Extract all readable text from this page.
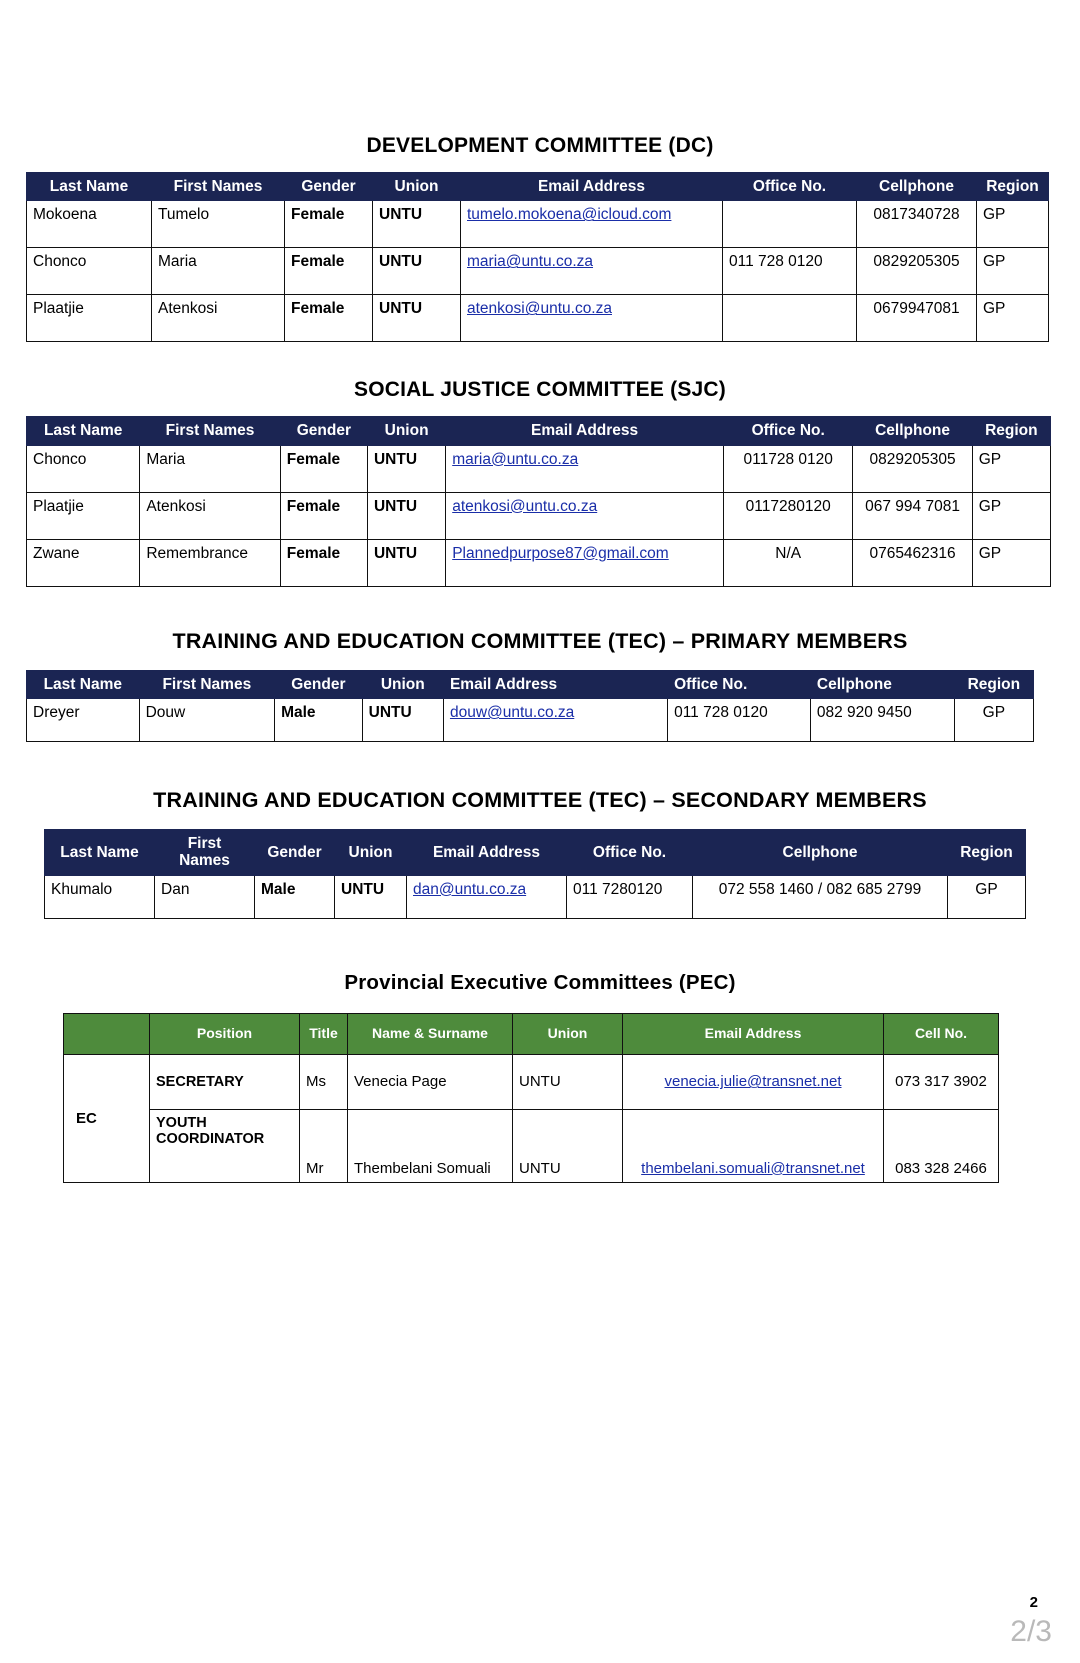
DEVELOPMENT COMMITTEE (DC)
Last Name	First Names	Gender	Union	Email Address	Office No.	Cellphone	Region
Mokoena	Tumelo	Female	UNTU	tumelo.mokoena@icloud.com		0817340728	GP
Chonco	Maria	Female	UNTU	maria@untu.co.za	011 728 0120	0829205305	GP
Plaatjie	Atenkosi	Female	UNTU	atenkosi@untu.co.za		0679947081	GP
SOCIAL JUSTICE COMMITTEE (SJC)
Last Name	First Names	Gender	Union	Email Address	Office No.	Cellphone	Region
Chonco	Maria	Female	UNTU	maria@untu.co.za	011728 0120	0829205305	GP
Plaatjie	Atenkosi	Female	UNTU	atenkosi@untu.co.za	0117280120	067 994 7081	GP
Zwane	Remembrance	Female	UNTU	Plannedpurpose87@gmail.com	N/A	0765462316	GP
TRAINING AND EDUCATION COMMITTEE (TEC) – PRIMARY MEMBERS
Last Name	First Names	Gender	Union	Email Address	Office No.	Cellphone	Region
Dreyer	Douw	Male	UNTU	douw@untu.co.za	011 728 0120	082 920 9450	GP
TRAINING AND EDUCATION COMMITTEE (TEC) – SECONDARY MEMBERS
Last Name	First Names	Gender	Union	Email Address	Office No.	Cellphone	Region
Khumalo	Dan	Male	UNTU	dan@untu.co.za	011 7280120	072 558 1460 / 082 685 2799	GP
Provincial Executive Committees (PEC)
	Position	Title	Name & Surname	Union	Email Address	Cell No.
EC	SECRETARY	Ms	Venecia Page	UNTU	venecia.julie@transnet.net	073 317 3902
	YOUTH COORDINATOR	Mr	Thembelani Somuali	UNTU	thembelani.somuali@transnet.net	083 328 2466
2
2/3
